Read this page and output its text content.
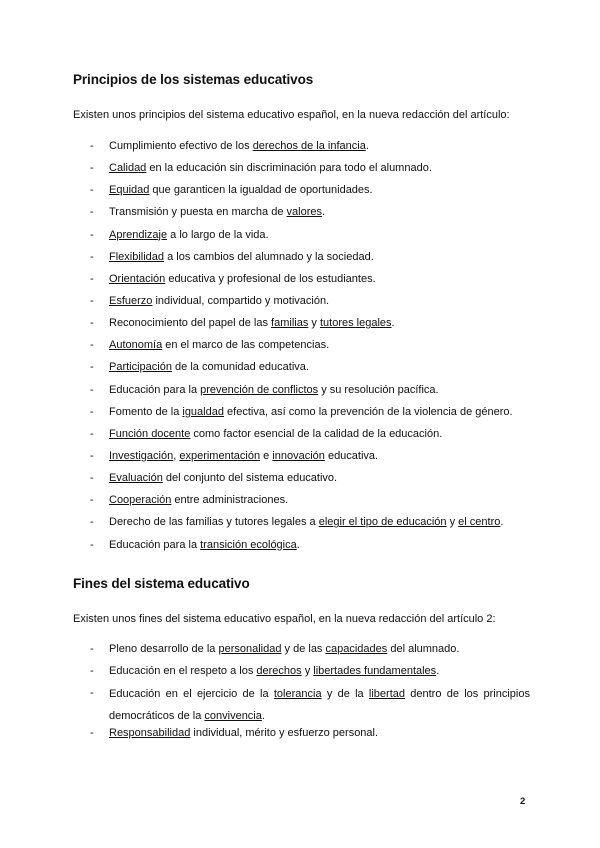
Principios de los sistemas educativos

Existen unos principios del sistema educativo español, en la nueva redacción del artículo:

- Cumplimiento efectivo de los derechos de la infancia.
- Calidad en la educación sin discriminación para todo el alumnado.
- Equidad que garanticen la igualdad de oportunidades.
- Transmisión y puesta en marcha de valores.
- Aprendizaje a lo largo de la vida.
- Flexibilidad a los cambios del alumnado y la sociedad.
- Orientación educativa y profesional de los estudiantes.
- Esfuerzo individual, compartido y motivación.
- Reconocimiento del papel de las familias y tutores legales.
- Autonomía en el marco de las competencias.
- Participación de la comunidad educativa.
- Educación para la prevención de conflictos y su resolución pacífica.
- Fomento de la igualdad efectiva, así como la prevención de la violencia de género.
- Función docente como factor esencial de la calidad de la educación.
- Investigación, experimentación e innovación educativa.
- Evaluación del conjunto del sistema educativo.
- Cooperación entre administraciones.
- Derecho de las familias y tutores legales a elegir el tipo de educación y el centro.
- Educación para la transición ecológica.
Fines del sistema educativo

Existen unos fines del sistema educativo español, en la nueva redacción del artículo 2:

- Pleno desarrollo de la personalidad y de las capacidades del alumnado.
- Educación en el respeto a los derechos y libertades fundamentales.
- Educación en el ejercicio de la tolerancia y de la libertad dentro de los principios democráticos de la convivencia.
- Responsabilidad individual, mérito y esfuerzo personal.
2
